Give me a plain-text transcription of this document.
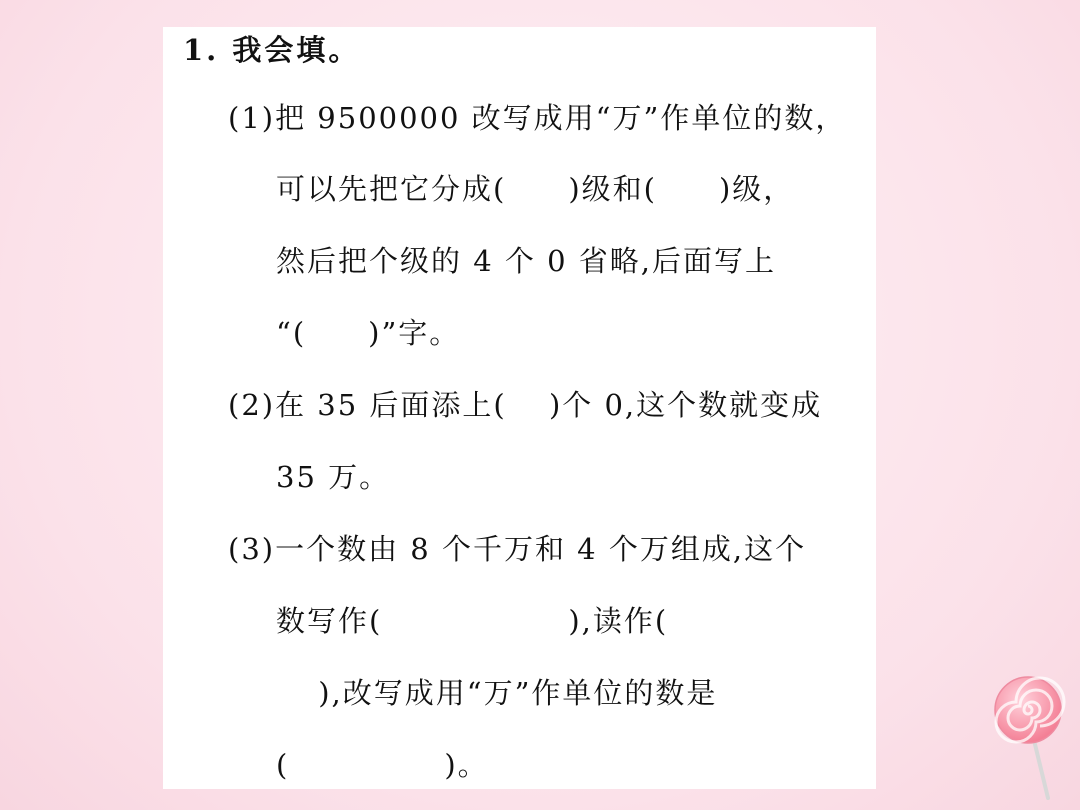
1. 我会填。
(1)把 9500000 改写成用“万”作单位的数，
可以先把它分成(　　)级和(　　)级，
然后把个级的 4 个 0 省略,后面写上
“(　　)”字。
(2)在 35 后面添上(　 )个 0,这个数就变成
35 万。
(3)一个数由 8 个千万和 4 个万组成,这个
数写作(　　　　　　),读作(
　 ),改写成用“万”作单位的数是
(　　　　　)。
